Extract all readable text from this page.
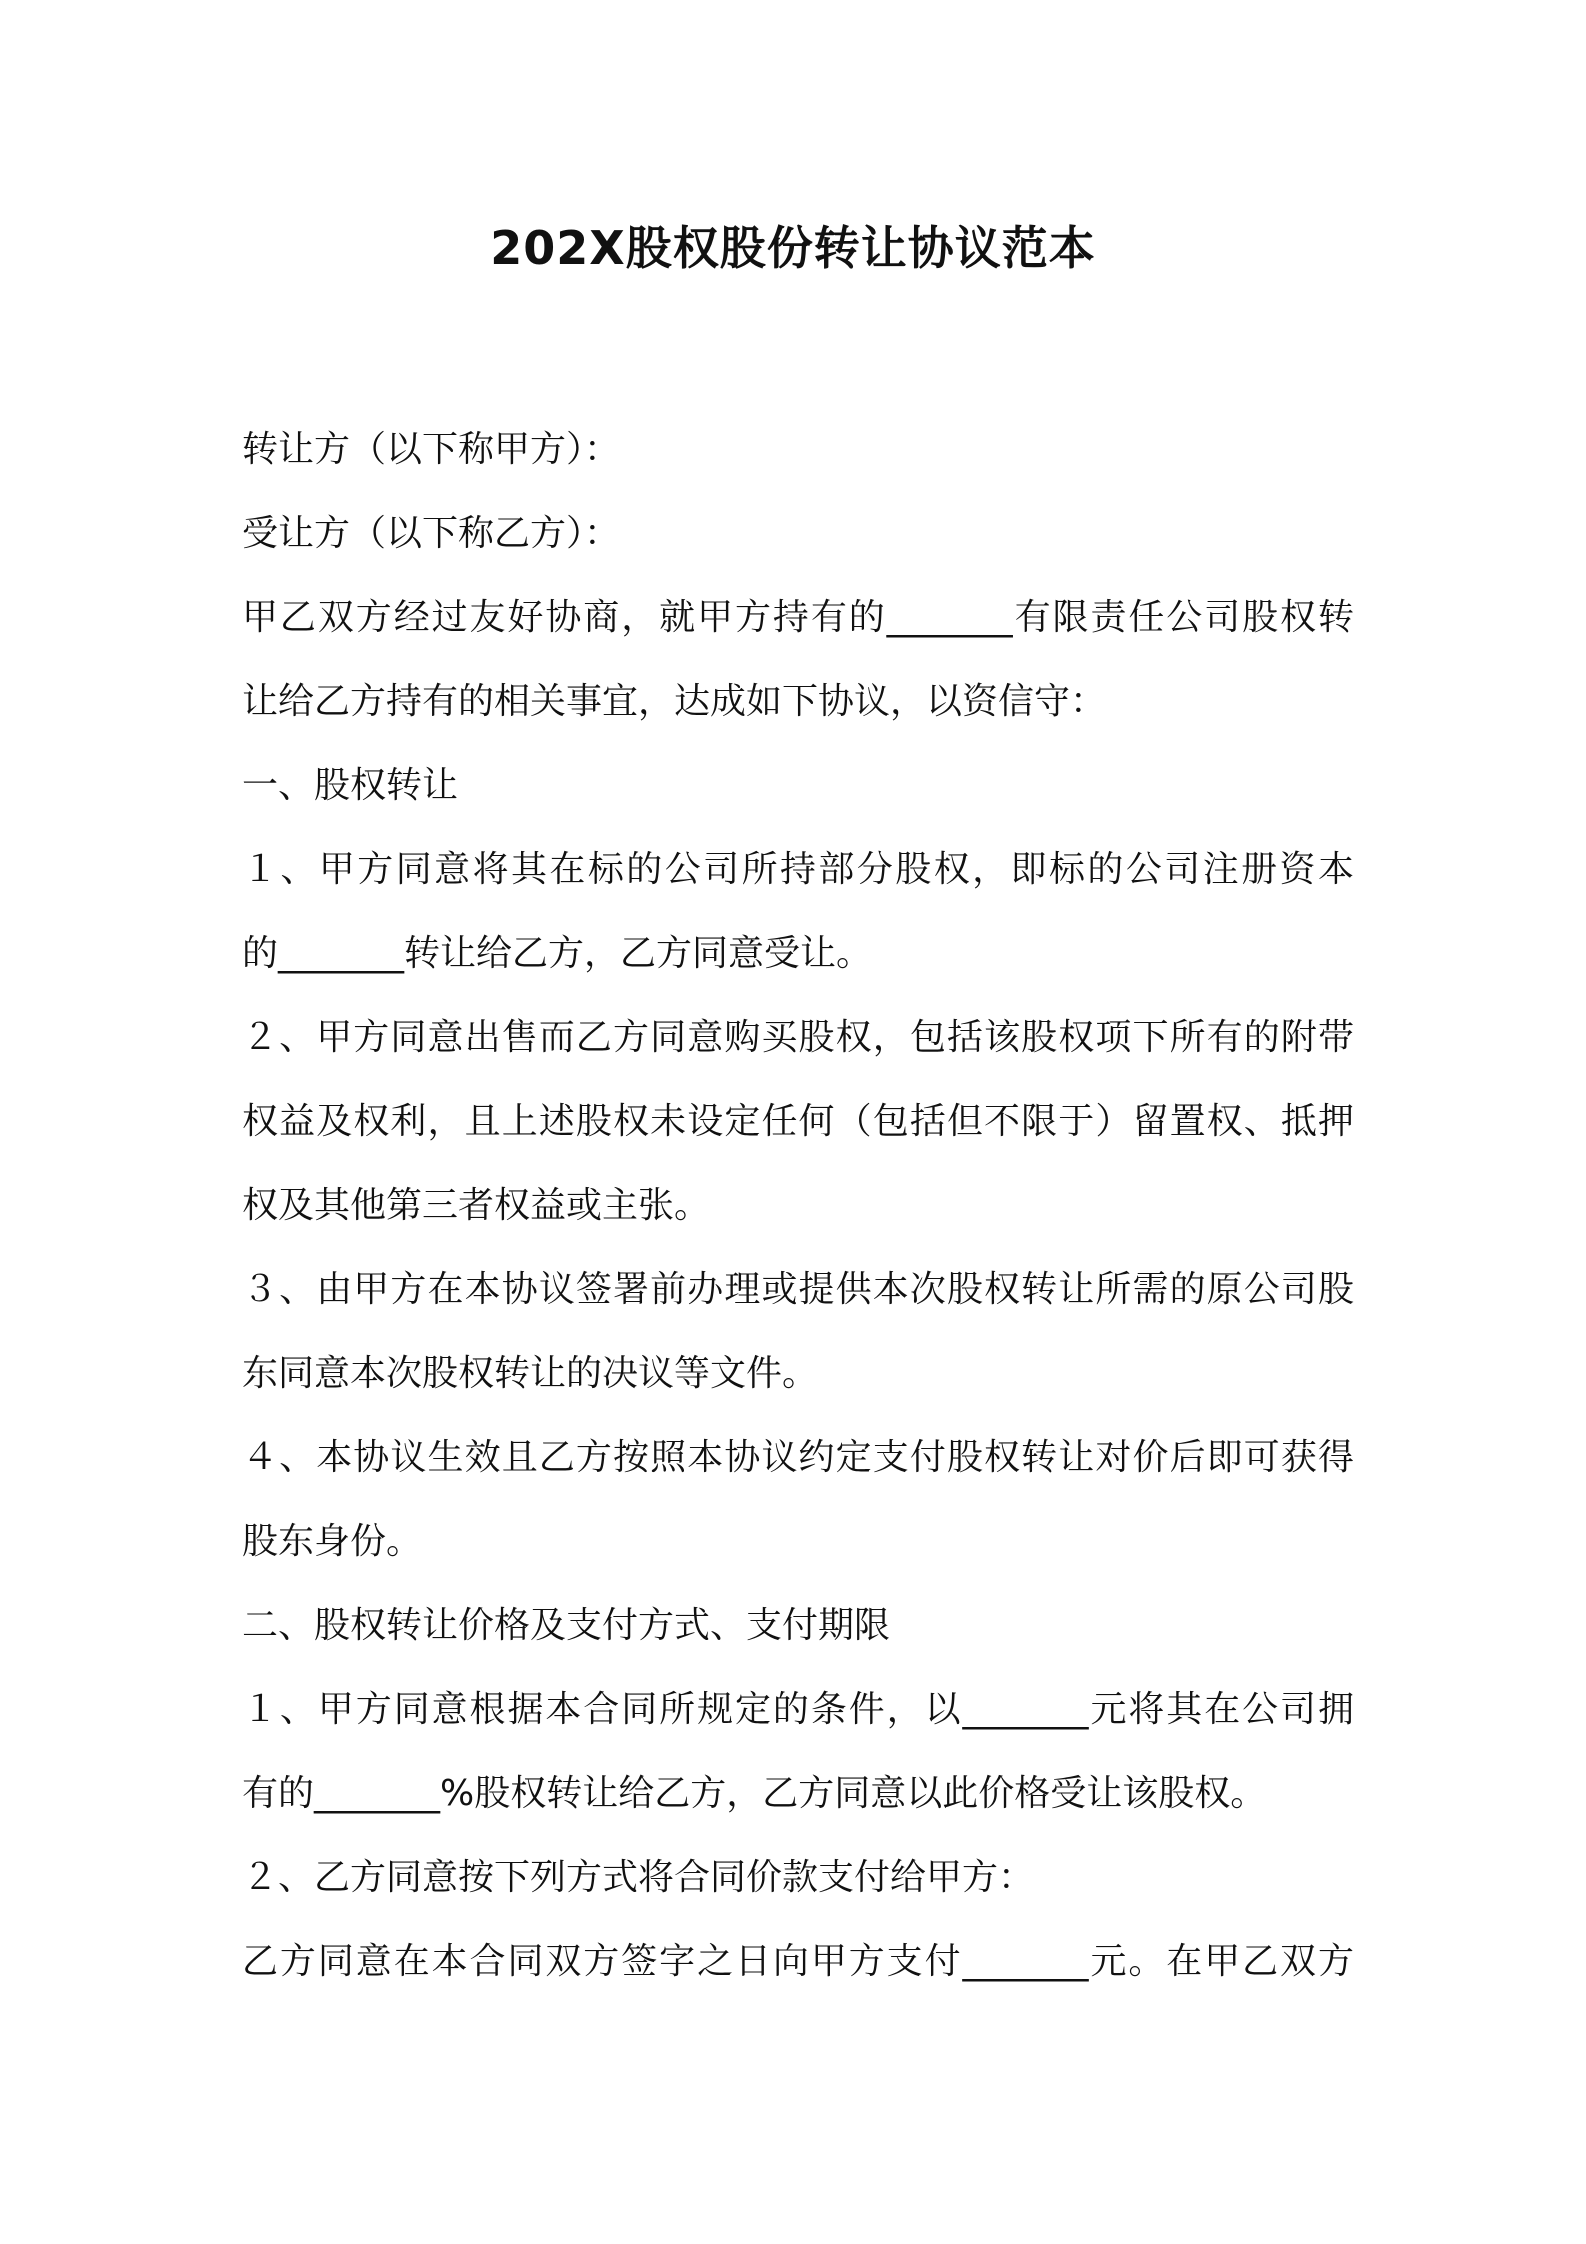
202X股权股份转让协议范本
转让方（以下称甲方）：
受让方（以下称乙方）：
甲乙双方经过友好协商，就甲方持有的_______有限责任公司股权转
让给乙方持有的相关事宜，达成如下协议，以资信守：
一、股权转让
１、甲方同意将其在标的公司所持部分股权，即标的公司注册资本
的_______转让给乙方，乙方同意受让。
２、甲方同意出售而乙方同意购买股权，包括该股权项下所有的附带
权益及权利，且上述股权未设定任何（包括但不限于）留置权、抵押
权及其他第三者权益或主张。
３、由甲方在本协议签署前办理或提供本次股权转让所需的原公司股
东同意本次股权转让的决议等文件。
４、本协议生效且乙方按照本协议约定支付股权转让对价后即可获得
股东身份。
二、股权转让价格及支付方式、支付期限
１、甲方同意根据本合同所规定的条件，以_______元将其在公司拥
有的_______%股权转让给乙方，乙方同意以此价格受让该股权。
２、乙方同意按下列方式将合同价款支付给甲方：
乙方同意在本合同双方签字之日向甲方支付_______元。在甲乙双方
